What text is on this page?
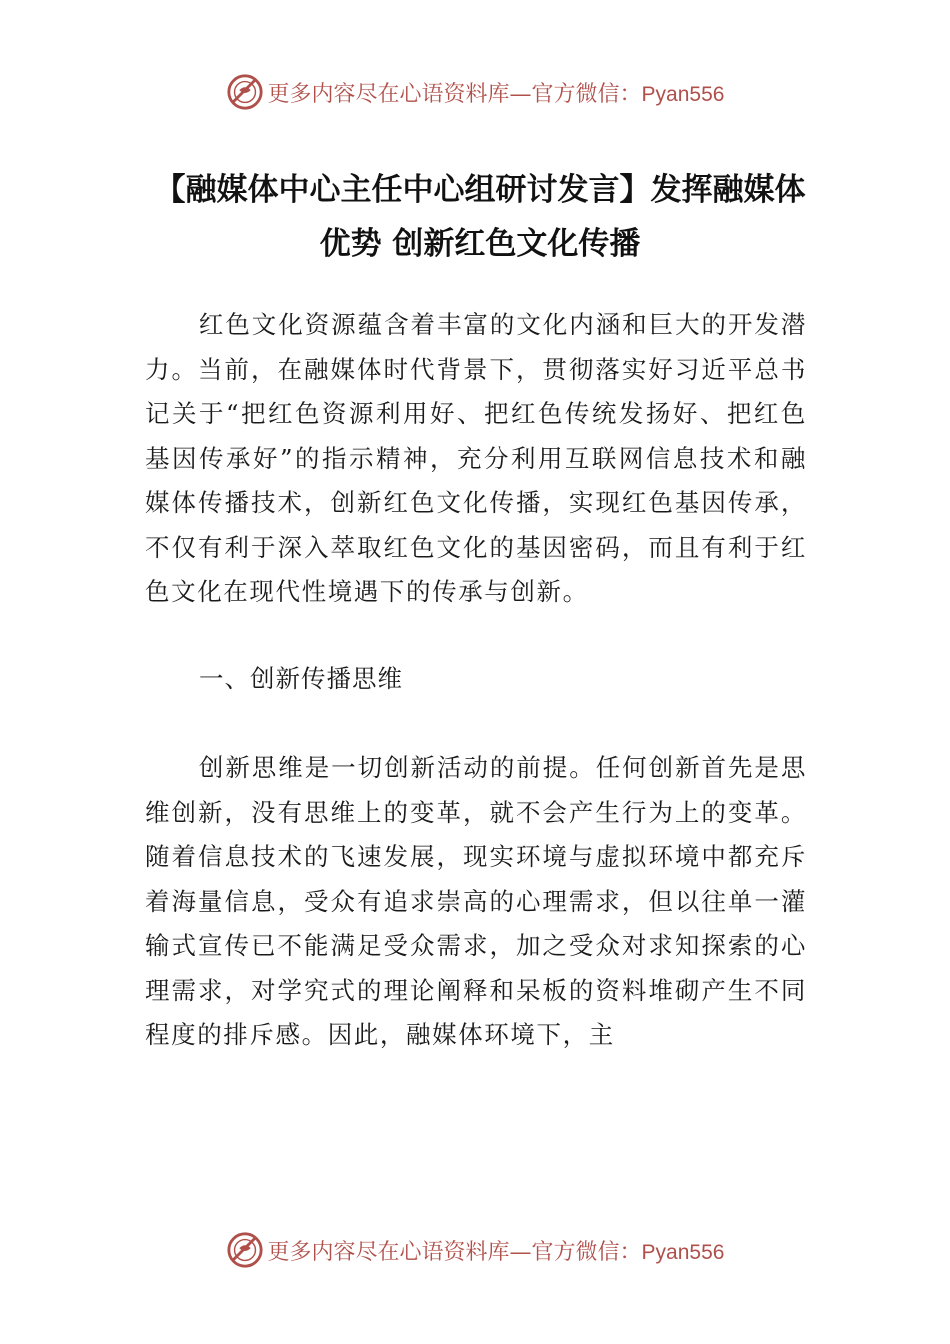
更多内容尽在心语资料库—官方微信：Pyan556
【融媒体中心主任中心组研讨发言】发挥融媒体优势 创新红色文化传播

红色文化资源蕴含着丰富的文化内涵和巨大的开发潜力。当前，在融媒体时代背景下，贯彻落实好习近平总书记关于“把红色资源利用好、把红色传统发扬好、把红色基因传承好”的指示精神，充分利用互联网信息技术和融媒体传播技术，创新红色文化传播，实现红色基因传承，不仅有利于深入萃取红色文化的基因密码，而且有利于红色文化在现代性境遇下的传承与创新。

一、创新传播思维

创新思维是一切创新活动的前提。任何创新首先是思维创新，没有思维上的变革，就不会产生行为上的变革。随着信息技术的飞速发展，现实环境与虚拟环境中都充斥着海量信息，受众有追求崇高的心理需求，但以往单一灌输式宣传已不能满足受众需求，加之受众对求知探索的心理需求，对学究式的理论阐释和呆板的资料堆砌产生不同程度的排斥感。因此，融媒体环境下，主

更多内容尽在心语资料库—官方微信：Pyan556
